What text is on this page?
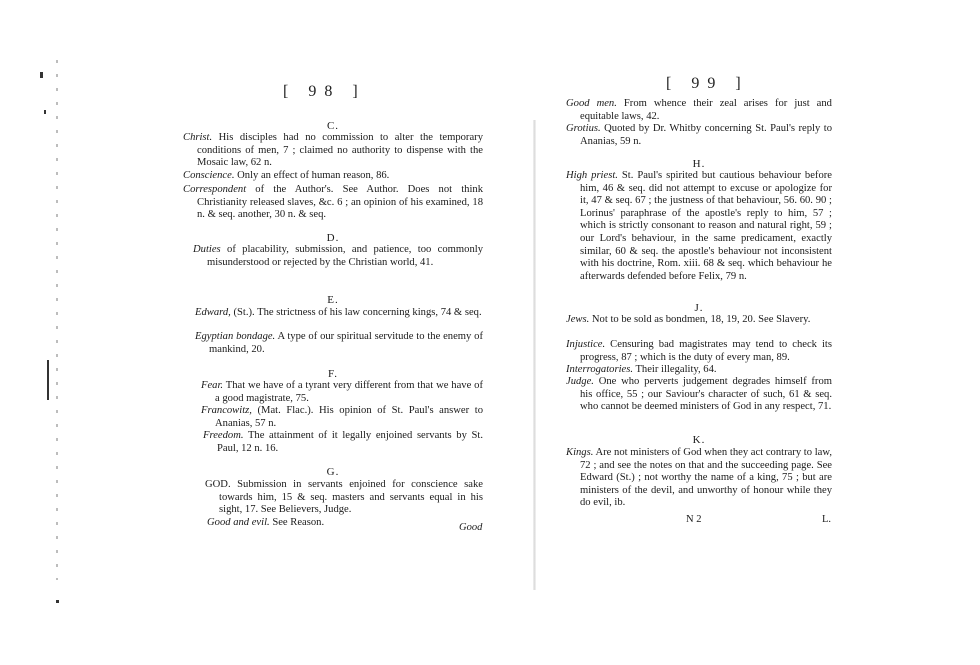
[ 98 ]
C.
Christ. His disciples had no commission to alter the temporary conditions of men, 7 ; claimed no authority to dispense with the Mosaic law, 62 n.
Conscience. Only an effect of human reason, 86.
Correspondent of the Author's. See Author. Does not think Christianity released slaves, &c. 6 ; an opinion of his examined, 18 n. & seq. another, 30 n. & seq.
D.
Duties of placability, submission, and patience, too commonly misunderstood or rejected by the Christian world, 41.
E.
Edward, (St.). The strictness of his law concerning kings, 74 & seq.
Egyptian bondage. A type of our spiritual servitude to the enemy of mankind, 20.
F.
Fear. That we have of a tyrant very different from that we have of a good magistrate, 75.
Francowitz, (Mat. Flac.). His opinion of St. Paul's answer to Ananias, 57 n.
Freedom. The attainment of it legally enjoined servants by St. Paul, 12 n. 16.
G.
GOD. Submission in servants enjoined for conscience sake towards him, 15 & seq. masters and servants equal in his sight, 17. See Believers, Judge.
Good and evil. See Reason.	Good
[ 99 ]
Good men. From whence their zeal arises for just and equitable laws, 42.
Grotius. Quoted by Dr. Whitby concerning St. Paul's reply to Ananias, 59 n.
H.
High priest. St. Paul's spirited but cautious behaviour before him, 46 & seq. did not attempt to excuse or apologize for it, 47 & seq. 67 ; the justness of that behaviour, 56. 60. 90 ; Lorinus' paraphrase of the apostle's reply to him, 57 ; which is strictly consonant to reason and natural right, 59 ; our Lord's behaviour, in the same predicament, exactly similar, 60 & seq. the apostle's behaviour not inconsistent with his doctrine, Rom. xiii. 68 & seq. which behaviour he afterwards defended before Felix, 79 n.
J.
Jews. Not to be sold as bondmen, 18, 19, 20. See Slavery.
Injustice. Censuring bad magistrates may tend to check its progress, 87 ; which is the duty of every man, 89.
Interrogatories. Their illegality, 64.
Judge. One who perverts judgement degrades himself from his office, 55 ; our Saviour's character of such, 61 & seq. who cannot be deemed ministers of God in any respect, 71.
K.
Kings. Are not ministers of God when they act contrary to law, 72 ; and see the notes on that and the succeeding page. See Edward (St.) ; not worthy the name of a king, 75 ; but are ministers of the devil, and unworthy of honour while they do evil, ib.
N 2	L.
